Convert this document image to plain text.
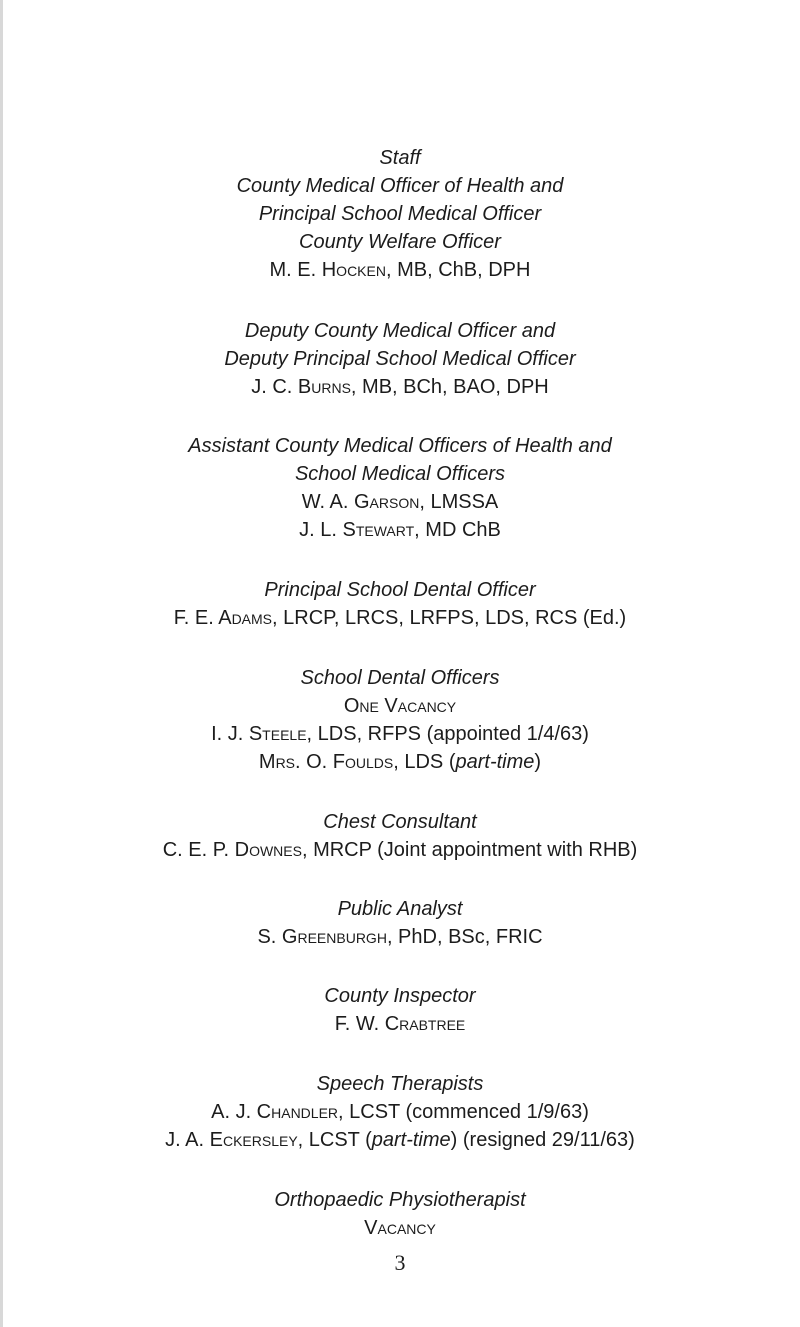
Staff
County Medical Officer of Health and
Principal School Medical Officer
County Welfare Officer
M. E. Hocken, MB, ChB, DPH
Deputy County Medical Officer and
Deputy Principal School Medical Officer
J. C. Burns, MB, BCh, BAO, DPH
Assistant County Medical Officers of Health and
School Medical Officers
W. A. Garson, LMSSA
J. L. Stewart, MD ChB
Principal School Dental Officer
F. E. Adams, LRCP, LRCS, LRFPS, LDS, RCS (Ed.)
School Dental Officers
One Vacancy
I. J. Steele, LDS, RFPS (appointed 1/4/63)
Mrs. O. Foulds, LDS (part-time)
Chest Consultant
C. E. P. Downes, MRCP (Joint appointment with RHB)
Public Analyst
S. Greenburgh, PhD, BSc, FRIC
County Inspector
F. W. Crabtree
Speech Therapists
A. J. Chandler, LCST (commenced 1/9/63)
J. A. Eckersley, LCST (part-time) (resigned 29/11/63)
Orthopaedic Physiotherapist
Vacancy
3
